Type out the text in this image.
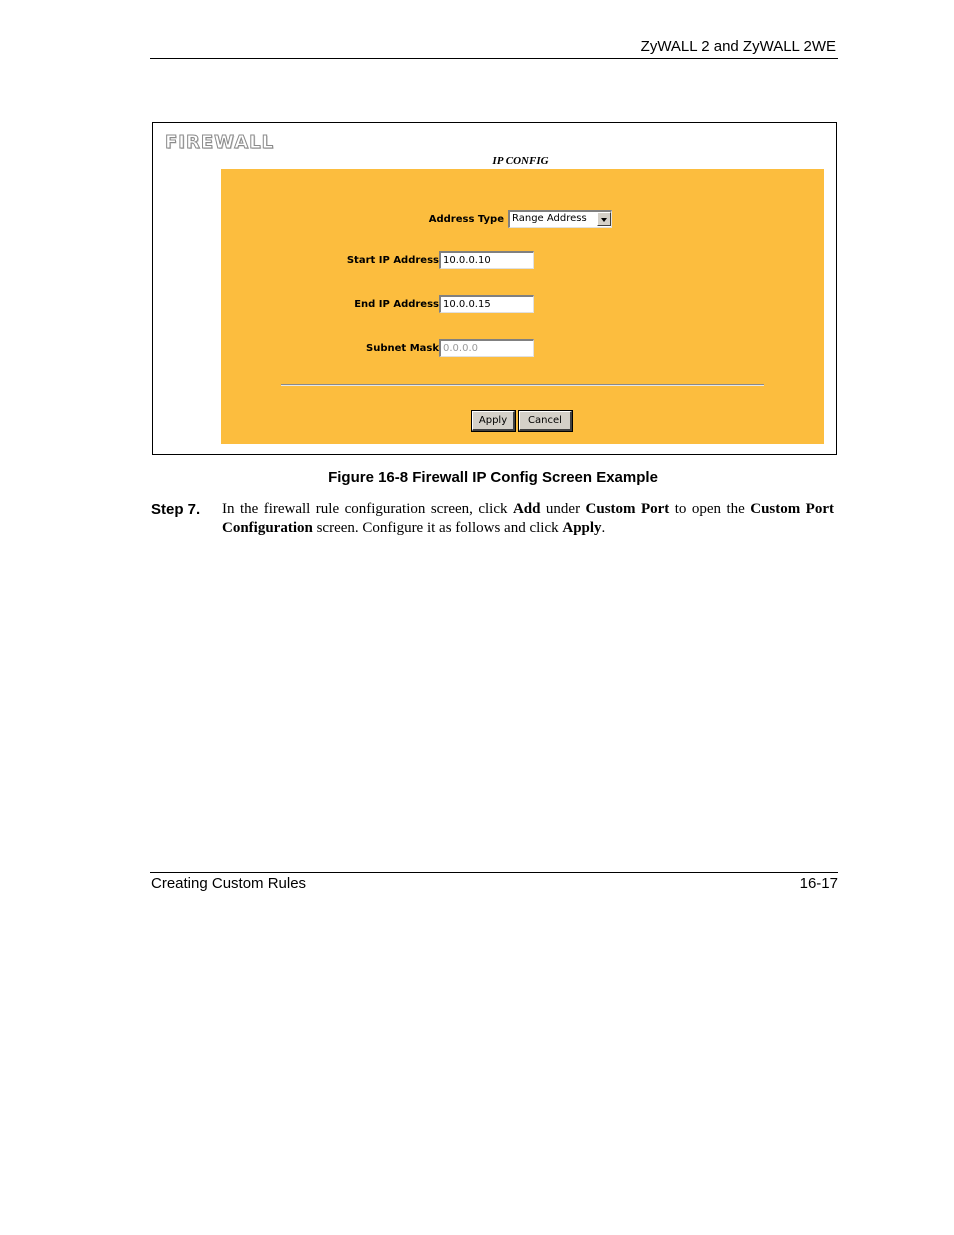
ZyWALL 2 and ZyWALL 2WE
FIREWALL
IP CONFIG
Address Type Range Address
Start IP Address 10.0.0.10
End IP Address 10.0.0.15
Subnet Mask 0.0.0.0
Apply	Cancel
Figure 16-8 Firewall IP Config Screen Example
Step 7. In the firewall rule configuration screen, click Add under Custom Port to open the Custom Port Configuration screen. Configure it as follows and click Apply.
Creating Custom Rules	16-17
